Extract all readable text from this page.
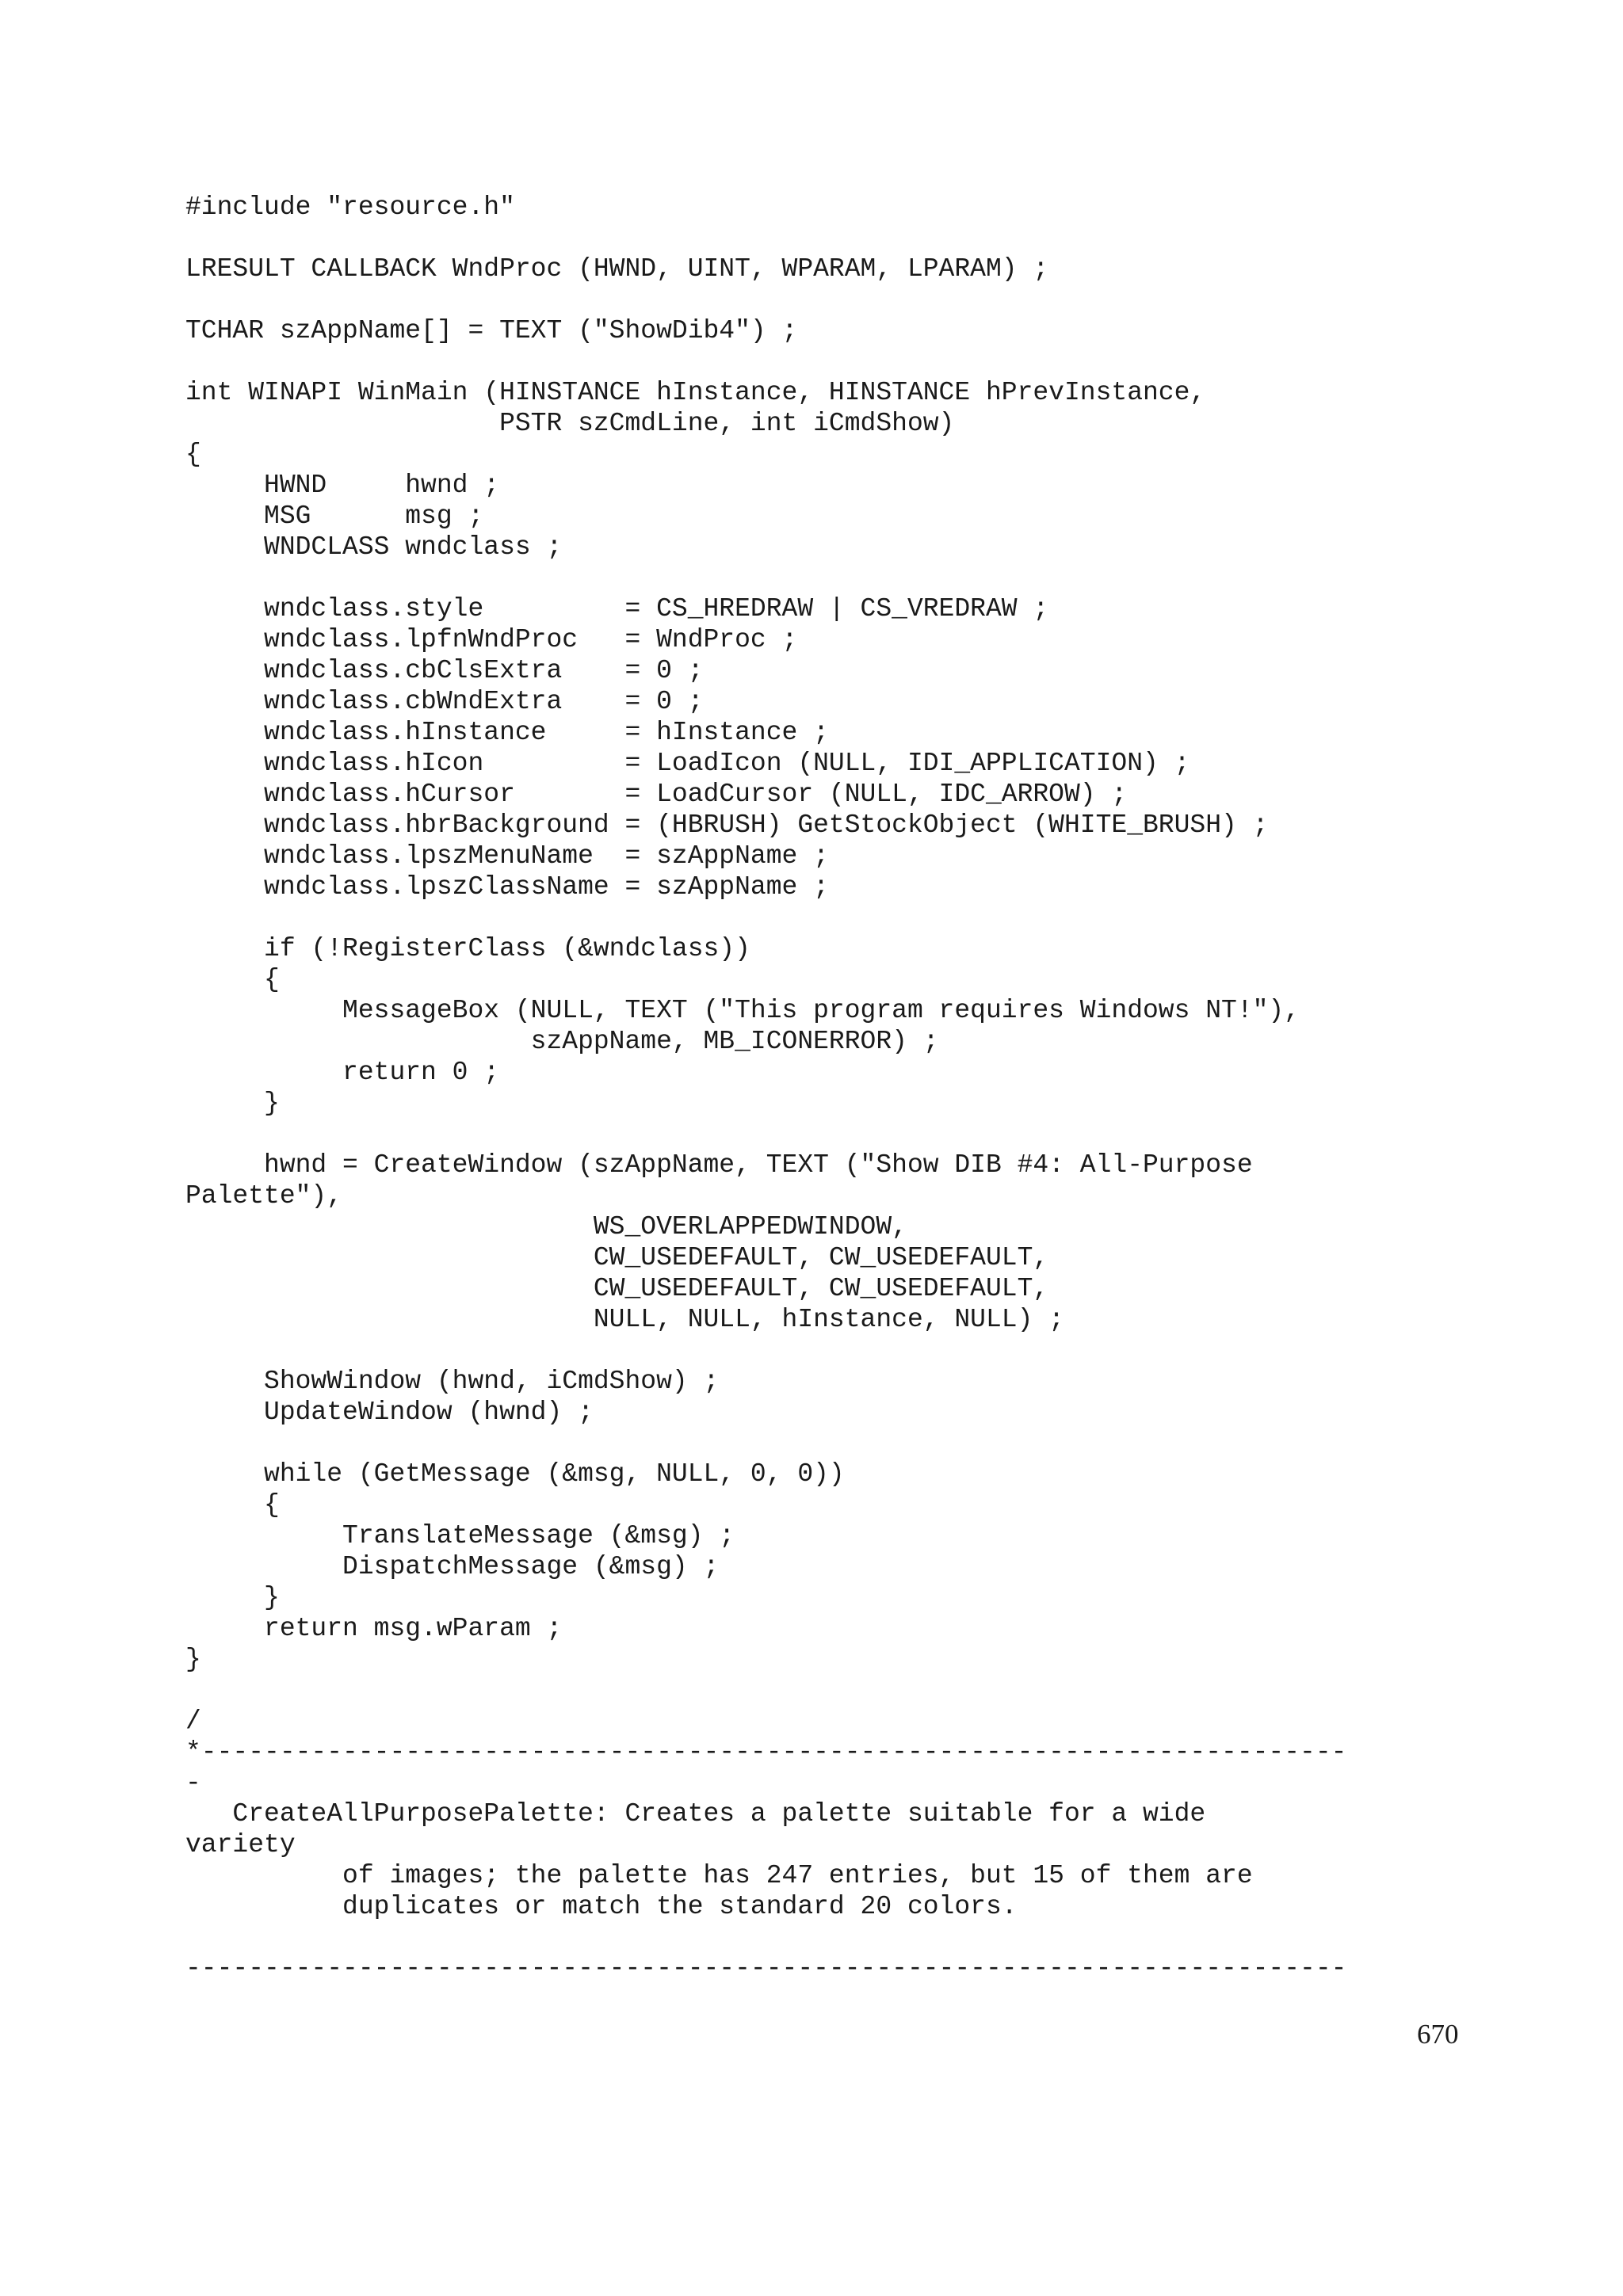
#include "resource.h"
LRESULT CALLBACK WndProc (HWND, UINT, WPARAM, LPARAM) ;
TCHAR szAppName[] = TEXT ("ShowDib4") ;
int WINAPI WinMain (HINSTANCE hInstance, HINSTANCE hPrevInstance,
PSTR szCmdLine, int iCmdShow)
{
HWND     hwnd ;
MSG      msg ;
WNDCLASS wndclass ;
wndclass.style         = CS_HREDRAW | CS_VREDRAW ;
wndclass.lpfnWndProc   = WndProc ;
wndclass.cbClsExtra    = 0 ;
wndclass.cbWndExtra    = 0 ;
wndclass.hInstance     = hInstance ;
wndclass.hIcon         = LoadIcon (NULL, IDI_APPLICATION) ;
wndclass.hCursor       = LoadCursor (NULL, IDC_ARROW) ;
wndclass.hbrBackground = (HBRUSH) GetStockObject (WHITE_BRUSH) ;
wndclass.lpszMenuName  = szAppName ;
wndclass.lpszClassName = szAppName ;
if (!RegisterClass (&wndclass))
{
MessageBox (NULL, TEXT ("This program requires Windows NT!"),
szAppName, MB_ICONERROR) ;
return 0 ;
}
hwnd = CreateWindow (szAppName, TEXT ("Show DIB #4: All-Purpose
Palette"),
WS_OVERLAPPEDWINDOW,
CW_USEDEFAULT, CW_USEDEFAULT,
CW_USEDEFAULT, CW_USEDEFAULT,
NULL, NULL, hInstance, NULL) ;
ShowWindow (hwnd, iCmdShow) ;
UpdateWindow (hwnd) ;
while (GetMessage (&msg, NULL, 0, 0))
{
TranslateMessage (&msg) ;
DispatchMessage (&msg) ;
}
return msg.wParam ;
}
/
*-------------------------------------------------------------------------
-
CreateAllPurposePalette: Creates a palette suitable for a wide
variety
of images; the palette has 247 entries, but 15 of them are
duplicates or match the standard 20 colors.
--------------------------------------------------------------------------
670
